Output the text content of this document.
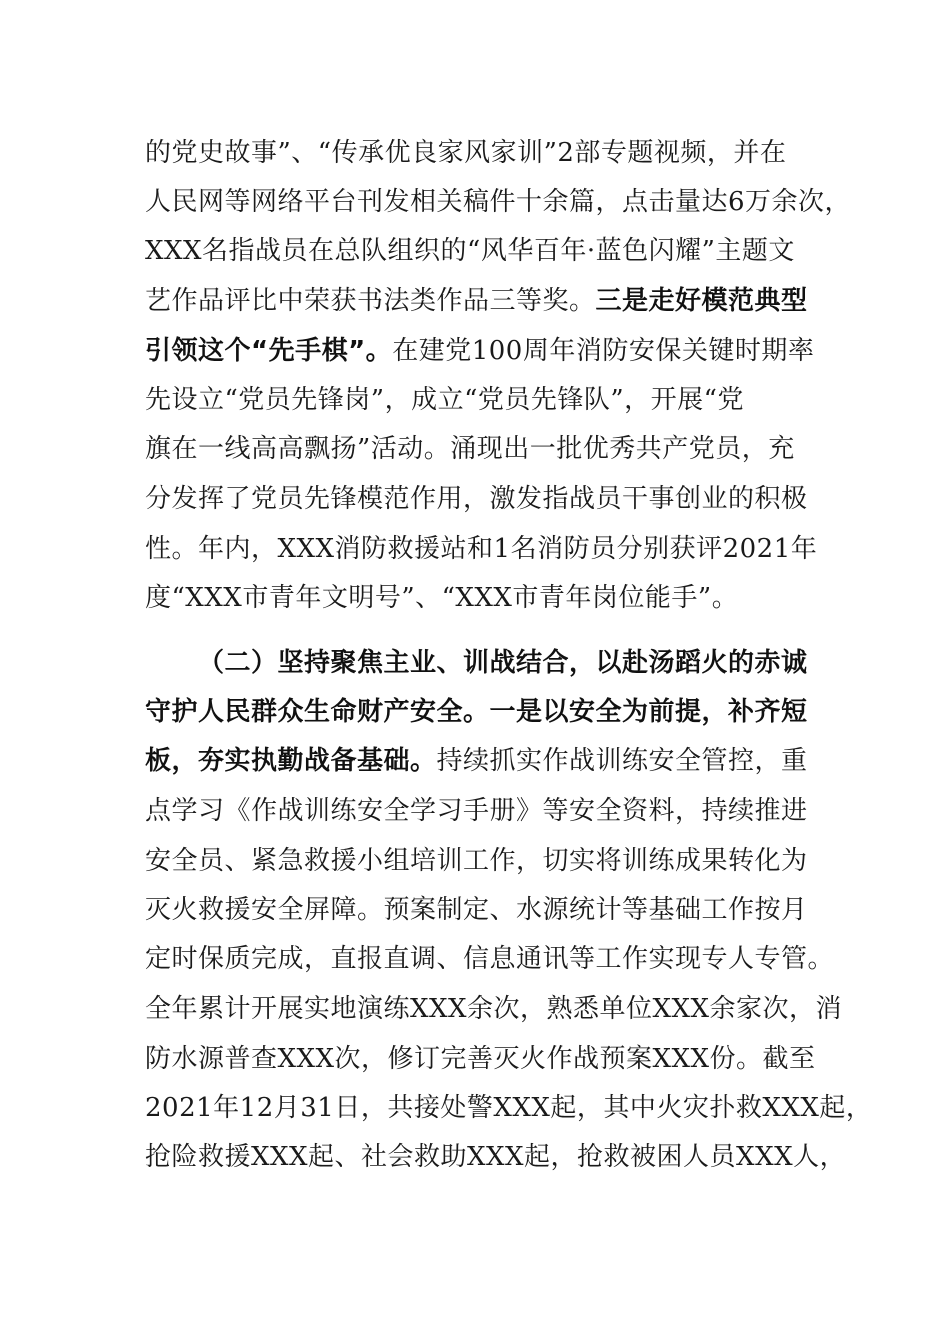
的党史故事”、“传承优良家风家训”2部专题视频，并在
人民网等网络平台刊发相关稿件十余篇，点击量达6万余次，
XXX名指战员在总队组织的“风华百年·蓝色闪耀”主题文
艺作品评比中荣获书法类作品三等奖。三是走好模范典型
引领这个“先手棋”。在建党100周年消防安保关键时期率
先设立“党员先锋岗”，成立“党员先锋队”，开展“党
旗在一线高高飘扬”活动。涌现出一批优秀共产党员，充
分发挥了党员先锋模范作用，激发指战员干事创业的积极
性。年内，XXX消防救援站和1名消防员分别获评2021年
度“XXX市青年文明号”、“XXX市青年岗位能手”。
（二）坚持聚焦主业、训战结合，以赴汤蹈火的赤诚
守护人民群众生命财产安全。一是以安全为前提，补齐短
板，夯实执勤战备基础。持续抓实作战训练安全管控，重
点学习《作战训练安全学习手册》等安全资料，持续推进
安全员、紧急救援小组培训工作，切实将训练成果转化为
灭火救援安全屏障。预案制定、水源统计等基础工作按月
定时保质完成，直报直调、信息通讯等工作实现专人专管。
全年累计开展实地演练XXX余次，熟悉单位XXX余家次，消
防水源普查XXX次，修订完善灭火作战预案XXX份。截至
2021年12月31日，共接处警XXX起，其中火灾扑救XXX起，
抢险救援XXX起、社会救助XXX起，抢救被困人员XXX人，
